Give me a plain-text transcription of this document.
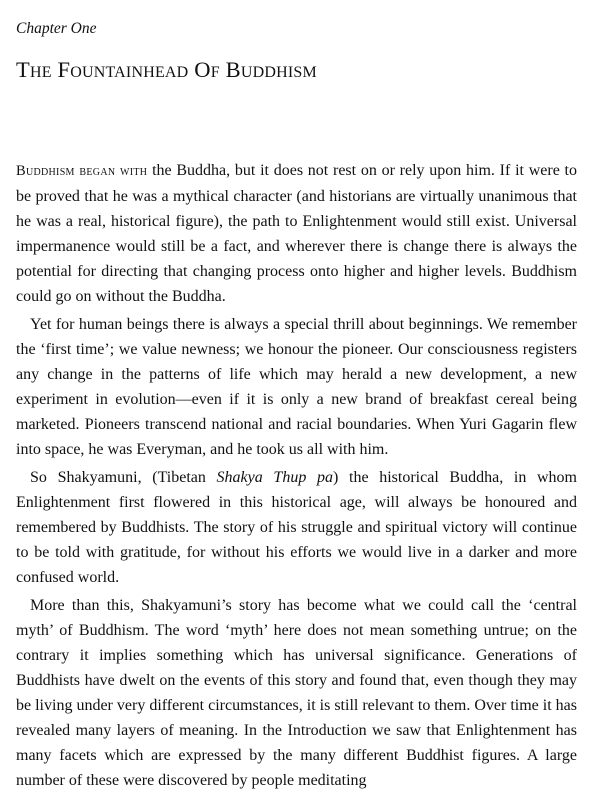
Chapter One

The Fountainhead Of Buddhism

Buddhism began with the Buddha, but it does not rest on or rely upon him. If it were to be proved that he was a mythical character (and historians are virtually unanimous that he was a real, historical figure), the path to Enlightenment would still exist. Universal impermanence would still be a fact, and wherever there is change there is always the potential for directing that changing process onto higher and higher levels. Buddhism could go on without the Buddha.

Yet for human beings there is always a special thrill about beginnings. We remember the ‘first time’; we value newness; we honour the pioneer. Our consciousness registers any change in the patterns of life which may herald a new development, a new experiment in evolution—even if it is only a new brand of breakfast cereal being marketed. Pioneers transcend national and racial boundaries. When Yuri Gagarin flew into space, he was Everyman, and he took us all with him.

So Shakyamuni, (Tibetan Shakya Thup pa) the historical Buddha, in whom Enlightenment first flowered in this historical age, will always be honoured and remembered by Buddhists. The story of his struggle and spiritual victory will continue to be told with gratitude, for without his efforts we would live in a darker and more confused world.

More than this, Shakyamuni’s story has become what we could call the ‘central myth’ of Buddhism. The word ‘myth’ here does not mean something untrue; on the contrary it implies something which has universal significance. Generations of Buddhists have dwelt on the events of this story and found that, even though they may be living under very different circumstances, it is still relevant to them. Over time it has revealed many layers of meaning. In the Introduction we saw that Enlightenment has many facets which are expressed by the many different Buddhist figures. A large number of these were discovered by people meditating
